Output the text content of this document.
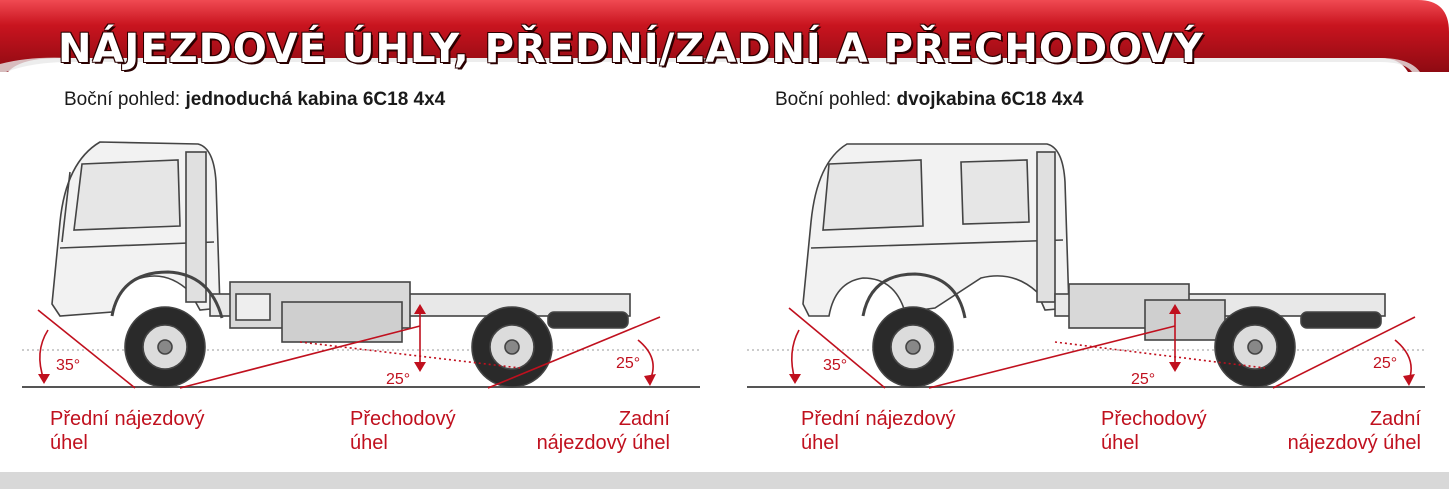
NÁJEZDOVÉ ÚHLY, PŘEDNÍ/ZADNÍ A PŘECHODOVÝ
Boční pohled: jednoduchá kabina 6C18 4x4
35°
25°
25°
Přední nájezdový
úhel
Přechodový
úhel
Zadní
nájezdový úhel
Boční pohled: dvojkabina 6C18 4x4
35°
25°
25°
Přední nájezdový
úhel
Přechodový
úhel
Zadní
nájezdový úhel
